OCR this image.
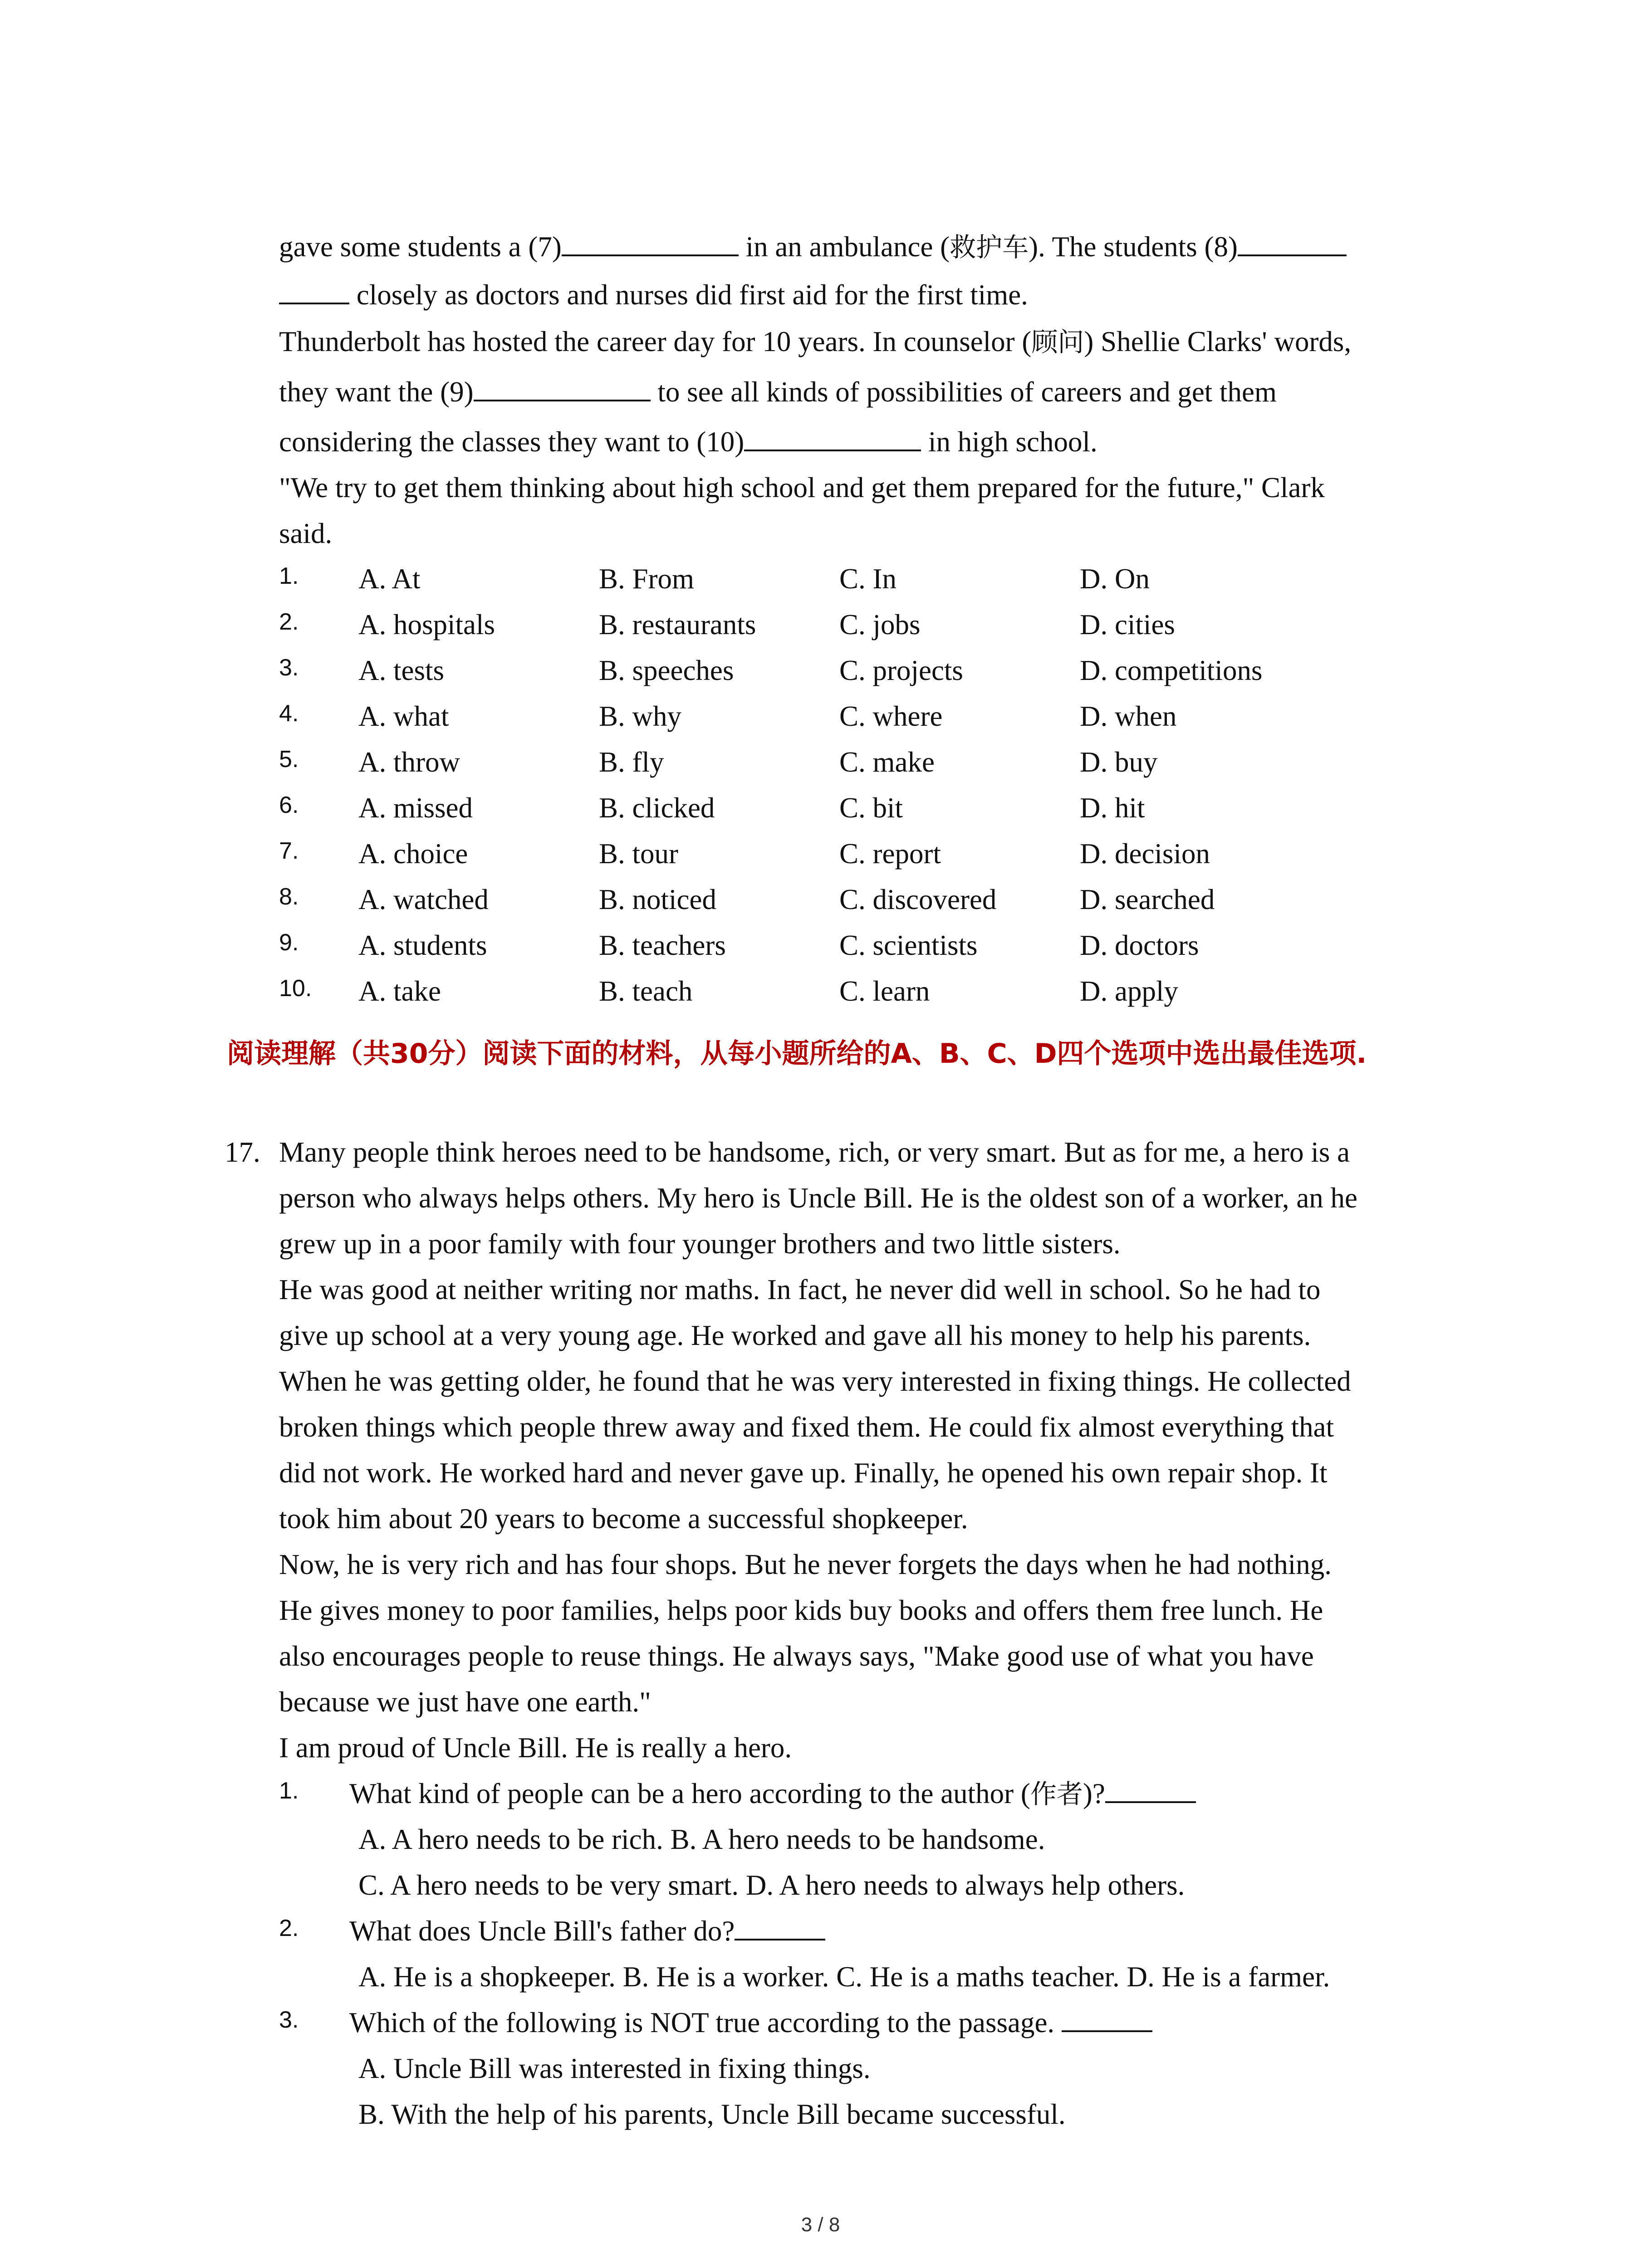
gave some students a (7)	in an ambulance (救护车). The students (8)
closely as doctors and nurses did first aid for the first time.
Thunderbolt has hosted the career day for 10 years. In counselor (顾问) Shellie Clarks' words,
they want the (9)	to see all kinds of possibilities of careers and get them
considering the classes they want to (10)	in high school.
"We try to get them thinking about high school and get them prepared for the future," Clark
said.
1. A. At	B. From	C. In	D. On
2. A. hospitals	B. restaurants	C. jobs	D. cities
3. A. tests	B. speeches	C. projects	D. competitions
4. A. what	B. why	C. where	D. when
5. A. throw	B. fly	C. make	D. buy
6. A. missed	B. clicked	C. bit	D. hit
7. A. choice	B. tour	C. report	D. decision
8. A. watched	B. noticed	C. discovered	D. searched
9. A. students	B. teachers	C. scientists	D. doctors
10. A. take	B. teach	C. learn	D. apply
阅读理解（共30分）阅读下面的材料，从每小题所给的A、B、C、D四个选项中选出最佳选项.
17. Many people think heroes need to be handsome, rich, or very smart. But as for me, a hero is a
person who always helps others. My hero is Uncle Bill. He is the oldest son of a worker, an he
grew up in a poor family with four younger brothers and two little sisters.
He was good at neither writing nor maths. In fact, he never did well in school. So he had to
give up school at a very young age. He worked and gave all his money to help his parents.
When he was getting older, he found that he was very interested in fixing things. He collected
broken things which people threw away and fixed them. He could fix almost everything that
did not work. He worked hard and never gave up. Finally, he opened his own repair shop. It
took him about 20 years to become a successful shopkeeper.
Now, he is very rich and has four shops. But he never forgets the days when he had nothing.
He gives money to poor families, helps poor kids buy books and offers them free lunch. He
also encourages people to reuse things. He always says, "Make good use of what you have
because we just have one earth."
I am proud of Uncle Bill. He is really a hero.
1. What kind of people can be a hero according to the author (作者)?
A. A hero needs to be rich. B. A hero needs to be handsome.
C. A hero needs to be very smart. D. A hero needs to always help others.
2. What does Uncle Bill's father do?
A. He is a shopkeeper. B. He is a worker. C. He is a maths teacher. D. He is a farmer.
3. Which of the following is NOT true according to the passage.
A. Uncle Bill was interested in fixing things.
B. With the help of his parents, Uncle Bill became successful.
3 / 8
